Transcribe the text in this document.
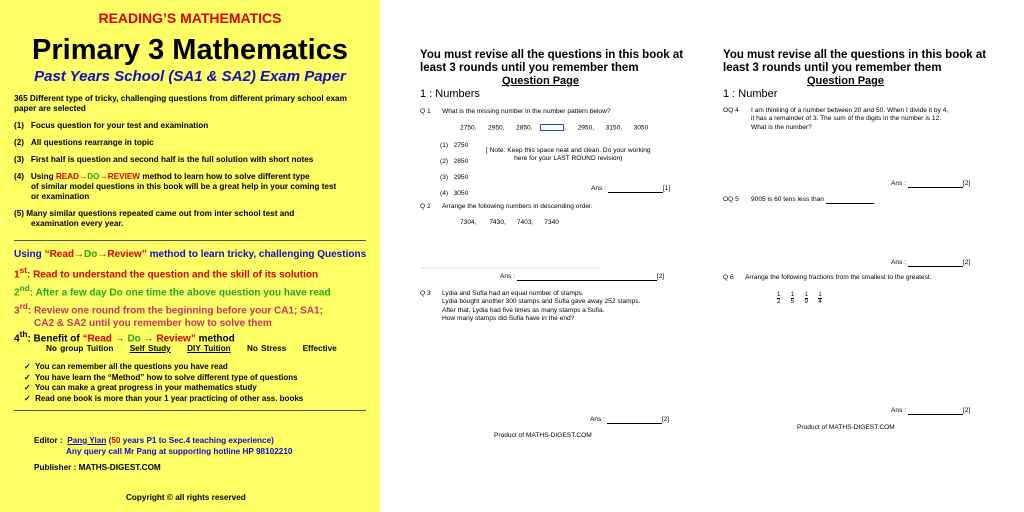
READING’S MATHEMATICS
Primary 3 Mathematics
Past Years School (SA1 & SA2) Exam Paper
365 Different type of tricky, challenging questions from different primary school exam paper are selected
(1) Focus question for your test and examination
(2) All questions rearrange in topic
(3) First half is question and second half is the full solution with short notes
(4) Using READ→DO→REVIEW method to learn how to solve different type
of similar model questions in this book will be a great help in your coming test
or examination
(5) Many similar questions repeated came out from inter school test and
examination every year.
Using “Read→Do→Review” method to learn tricky, challenging Questions
1st: Read to understand the question and the skill of its solution
2nd: After a few day Do one time the above question you have read
3rd: Review one round from the beginning before your CA1; SA1;
CA2 & SA2 until you remember how to solve them
4th: Benefit of “Read → Do → Review” method
No group Tuition Self Study DIY Tuition No Stress Effective
✓ You can remember all the questions you have read
✓ You have learn the “Method” how to solve different type of questions
✓ You can make a great progress in your mathematics study
✓ Read one book is more than your 1 year practicing of other ass. books
Editor : Pang Yian (50 years P1 to Sec.4 teaching experience)
Any query call Mr Pang at supporting hotline HP 98102210
Publisher : MATHS-DIGEST.COM
Copyright © all rights reserved
You must revise all the questions in this book at
least 3 rounds until you remember them
Question Page
1 : Numbers
Q 1 What is the missing number in the number pattern below?
2750, 2950, 2850,	, 2950, 3150, 3050
(1) 2750
(2) 2850
(3) 2950
(4) 3050
[ Note: Keep this space neat and clean. Do your working
here for your LAST ROUND revision)
Ans :	[1]
Q 2 Arrange the following numbers in descending order.
7304,       7430,      7403,      7340
▁▁▁▁▁▁▁▁▁▁▁▁▁▁▁▁▁▁▁▁▁▁▁▁▁▁▁▁▁▁▁▁▁▁▁▁
Ans :	[2]
Q 3 Lydia and Sufia had an equal number of stamps.
Lydia bought another 300 stamps and Sufia gave away 252 stamps.
After that, Lydia had five times as many stamps a Sufia.
How many stamps did Sufia have in the end?
Ans :	[2]
Product of MATHS-DIGEST.COM
You must revise all the questions in this book at
least 3 rounds until you remember them
Question Page
1 : Number
OQ 4 I am thinking of a number between 20 and 50. When I divide it by 4,
it has a remainder of 3. The sum of the digits in the number is 12.
What is the number?
Ans :	[2]
OQ 5 9005 is 60 tens less than
Ans :	[2]
Q 6 Arrange the following fractions from the smallest to the greatest.
$\frac{1}{2}$
$\frac{1}{5}$
$\frac{1}{9}$
$\frac{1}{4}$
Ans :	[2]
Product of MATHS-DIGEST.COM
